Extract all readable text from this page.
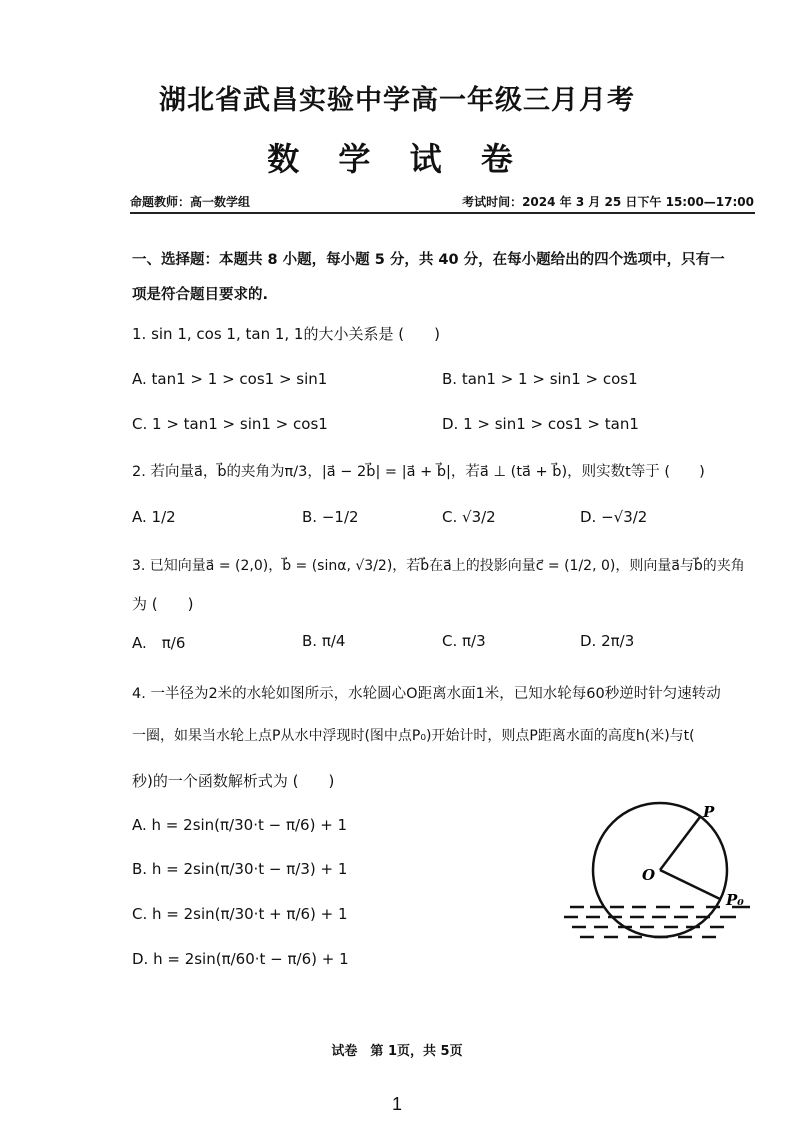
湖北省武昌实验中学高一年级三月月考
数 学 试 卷
命题教师：高一数学组	考试时间：2024 年 3 月 25 日下午 15:00—17:00
一、选择题：本题共 8 小题，每小题 5 分，共 40 分，在每小题给出的四个选项中，只有一
项是符合题目要求的.
1. sin 1, cos 1, tan 1, 1的大小关系是 (　　)
A. tan1 > 1 > cos1 > sin1	B. tan1 > 1 > sin1 > cos1
C. 1 > tan1 > sin1 > cos1	D. 1 > sin1 > cos1 > tan1
2. 若向量a⃗，b⃗的夹角为π/3，|a⃗ − 2b⃗| = |a⃗ + b⃗|，若a⃗ ⊥ (ta⃗ + b⃗)，则实数t等于 (　　)
A. 1/2	B. −1/2	C. √3/2	D. −√3/2
3. 已知向量a⃗ = (2,0)，b⃗ = (sinα, √3/2)，若b⃗在a⃗上的投影向量c⃗ = (1/2, 0)，则向量a⃗与b⃗的夹角
为 (　　)
A.　π/6	B. π/4	C. π/3	D. 2π/3
4. 一半径为2米的水轮如图所示，水轮圆心O距离水面1米，已知水轮每60秒逆时针匀速转动
一圈，如果当水轮上点P从水中浮现时(图中点P₀)开始计时，则点P距离水面的高度h(米)与t(
秒)的一个函数解析式为 (　　)
A. h = 2sin(π/30·t − π/6) + 1
B. h = 2sin(π/30·t − π/3) + 1
C. h = 2sin(π/30·t + π/6) + 1
D. h = 2sin(π/60·t − π/6) + 1
P
O
P₀
试卷　第 1页，共 5页
1
